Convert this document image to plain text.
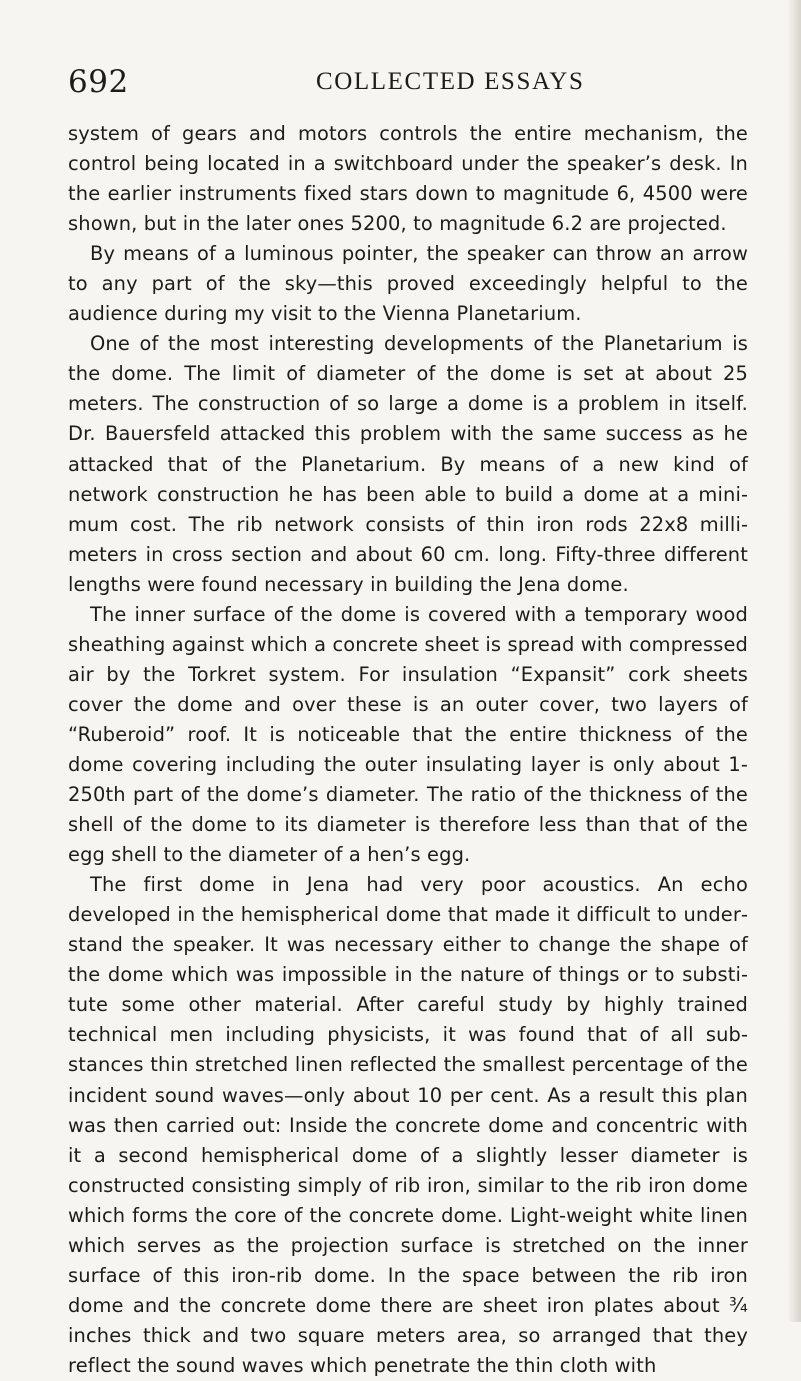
692	COLLECTED ESSAYS

system of gears and motors controls the entire mechanism, the control being located in a switchboard under the speaker’s desk. In the earlier instruments fixed stars down to magnitude 6, 4500 were shown, but in the later ones 5200, to magnitude 6.2 are projected.

By means of a luminous pointer, the speaker can throw an arrow to any part of the sky—this proved exceedingly helpful to the audience during my visit to the Vienna Planetarium.

One of the most interesting developments of the Planetarium is the dome. The limit of diameter of the dome is set at about 25 meters. The construction of so large a dome is a problem in itself. Dr. Bauersfeld attacked this problem with the same success as he attacked that of the Planetarium. By means of a new kind of network construction he has been able to build a dome at a minimum cost. The rib network consists of thin iron rods 22x8 millimeters in cross section and about 60 cm. long. Fifty-three different lengths were found necessary in building the Jena dome.

The inner surface of the dome is covered with a temporary wood sheathing against which a concrete sheet is spread with compressed air by the Torkret system. For insulation “Expansit” cork sheets cover the dome and over these is an outer cover, two layers of “Ruberoid” roof. It is noticeable that the entire thickness of the dome covering including the outer insulating layer is only about 1-250th part of the dome’s diameter. The ratio of the thickness of the shell of the dome to its diameter is therefore less than that of the egg shell to the diameter of a hen’s egg.

The first dome in Jena had very poor acoustics. An echo developed in the hemispherical dome that made it difficult to understand the speaker. It was necessary either to change the shape of the dome which was impossible in the nature of things or to substitute some other material. After careful study by highly trained technical men including physicists, it was found that of all substances thin stretched linen reflected the smallest percentage of the incident sound waves—only about 10 per cent. As a result this plan was then carried out: Inside the concrete dome and concentric with it a second hemispherical dome of a slightly lesser diameter is constructed consisting simply of rib iron, similar to the rib iron dome which forms the core of the concrete dome. Light-weight white linen which serves as the projection surface is stretched on the inner surface of this iron-rib dome. In the space between the rib iron dome and the concrete dome there are sheet iron plates about ¾ inches thick and two square meters area, so arranged that they reflect the sound waves which penetrate the thin cloth with
